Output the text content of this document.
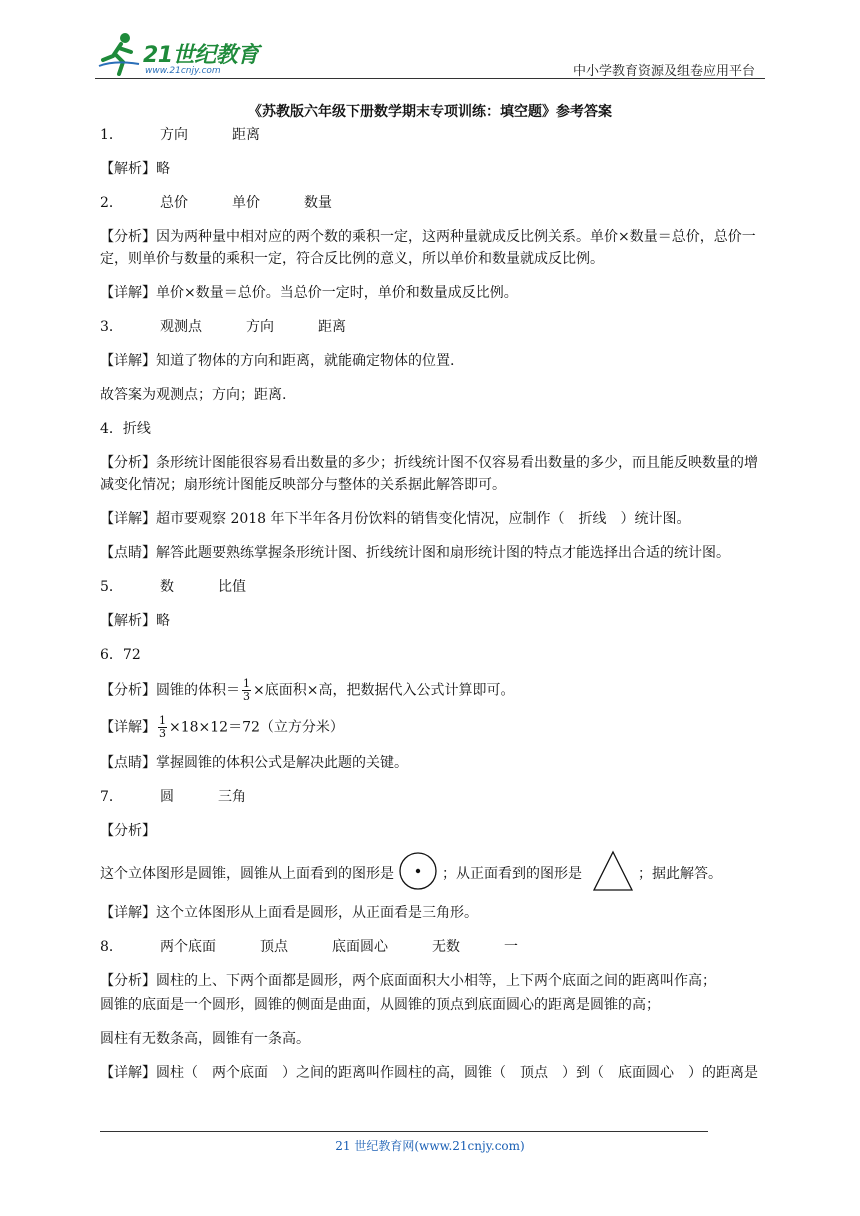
21世纪教育
www.21cnjy.com	中小学教育资源及组卷应用平台
《苏教版六年级下册数学期末专项训练：填空题》参考答案
1．	方向	距离
【解析】略
2．	总价	单价	数量
【分析】因为两种量中相对应的两个数的乘积一定，这两种量就成反比例关系。单价×数量＝总价，总价一定，则单价与数量的乘积一定，符合反比例的意义，所以单价和数量就成反比例。
【详解】单价×数量＝总价。当总价一定时，单价和数量成反比例。
3．	观测点	方向	距离
【详解】知道了物体的方向和距离，就能确定物体的位置.
故答案为观测点；方向；距离.
4．折线
【分析】条形统计图能很容易看出数量的多少；折线统计图不仅容易看出数量的多少，而且能反映数量的增减变化情况；扇形统计图能反映部分与整体的关系据此解答即可。
【详解】超市要观察 2018 年下半年各月份饮料的销售变化情况，应制作（　折线　）统计图。
【点睛】解答此题要熟练掌握条形统计图、折线统计图和扇形统计图的特点才能选择出合适的统计图。
5．	数	比值
【解析】略
6．72
【分析】圆锥的体积＝ $\frac{1}{3}$ ×底面积×高，把数据代入公式计算即可。
【详解】 $\frac{1}{3} \times 18\times 12=72$（立方分米）
【点睛】掌握圆锥的体积公式是解决此题的关键。
7．	圆	三角
【分析】
这个立体图形是圆锥，圆锥从上面看到的图形是	；从正面看到的图形是	；据此解答。
【详解】这个立体图形从上面看是圆形，从正面看是三角形。
8．	两个底面	顶点	底面圆心	无数	一
【分析】圆柱的上、下两个面都是圆形，两个底面面积大小相等，上下两个底面之间的距离叫作高；
圆锥的底面是一个圆形，圆锥的侧面是曲面，从圆锥的顶点到底面圆心的距离是圆锥的高；
圆柱有无数条高，圆锥有一条高。
【详解】圆柱（　两个底面　）之间的距离叫作圆柱的高，圆锥（　顶点　）到（　底面圆心　）的距离是
21 世纪教育网(www.21cnjy.com)
